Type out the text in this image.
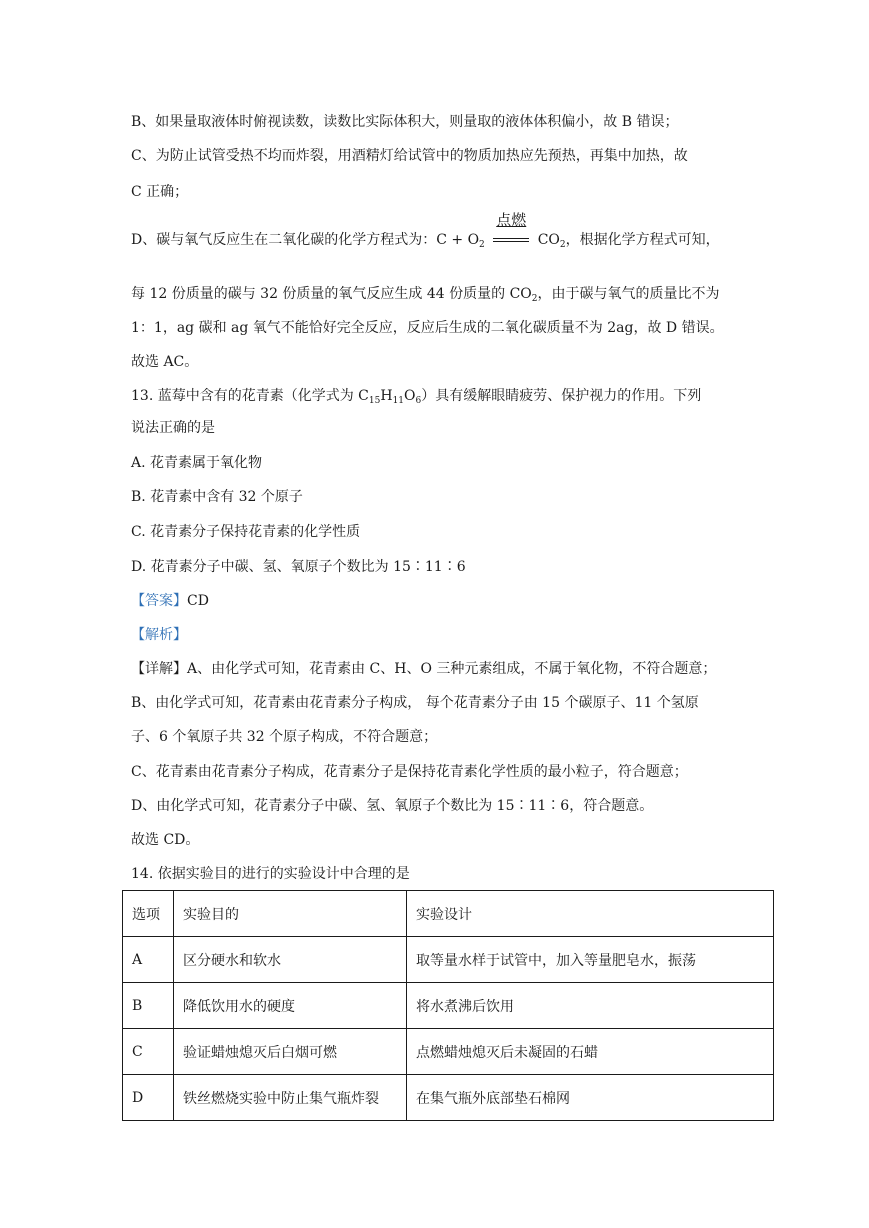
B、如果量取液体时俯视读数，读数比实际体积大，则量取的液体体积偏小，故 B 错误；
C、为防止试管受热不均而炸裂，用酒精灯给试管中的物质加热应先预热，再集中加热，故
C 正确；
D、碳与氧气反应生在二氧化碳的化学方程式为：$C + O_2$
点燃
$CO_2$，根据化学方程式可知，
每 12 份质量的碳与 32 份质量的氧气反应生成 44 份质量的 $CO_2$，由于碳与氧气的质量比不为
1：1，ag 碳和 ag 氧气不能恰好完全反应，反应后生成的二氧化碳质量不为 2ag，故 D 错误。
故选 AC。
13. 蓝莓中含有的花青素（化学式为 $C_{15}H_{11}O_6$）具有缓解眼睛疲劳、保护视力的作用。下列
说法正确的是
A. 花青素属于氧化物
B. 花青素中含有 32 个原子
C. 花青素分子保持花青素的化学性质
D. 花青素分子中碳、氢、氧原子个数比为 15∶11∶6
【答案】CD
【解析】
【详解】A、由化学式可知，花青素由 C、H、O 三种元素组成，不属于氧化物，不符合题意；
B、由化学式可知，花青素由花青素分子构成， 每个花青素分子由 15 个碳原子、11 个氢原
子、6 个氧原子共 32 个原子构成，不符合题意；
C、花青素由花青素分子构成，花青素分子是保持花青素化学性质的最小粒子，符合题意；
D、由化学式可知，花青素分子中碳、氢、氧原子个数比为 15∶11∶6，符合题意。
故选 CD。
14. 依据实验目的进行的实验设计中合理的是
选项	实验目的	实验设计
A	区分硬水和软水	取等量水样于试管中，加入等量肥皂水，振荡
B	降低饮用水的硬度	将水煮沸后饮用
C	验证蜡烛熄灭后白烟可燃	点燃蜡烛熄灭后未凝固的石蜡
D	铁丝燃烧实验中防止集气瓶炸裂	在集气瓶外底部垫石棉网
